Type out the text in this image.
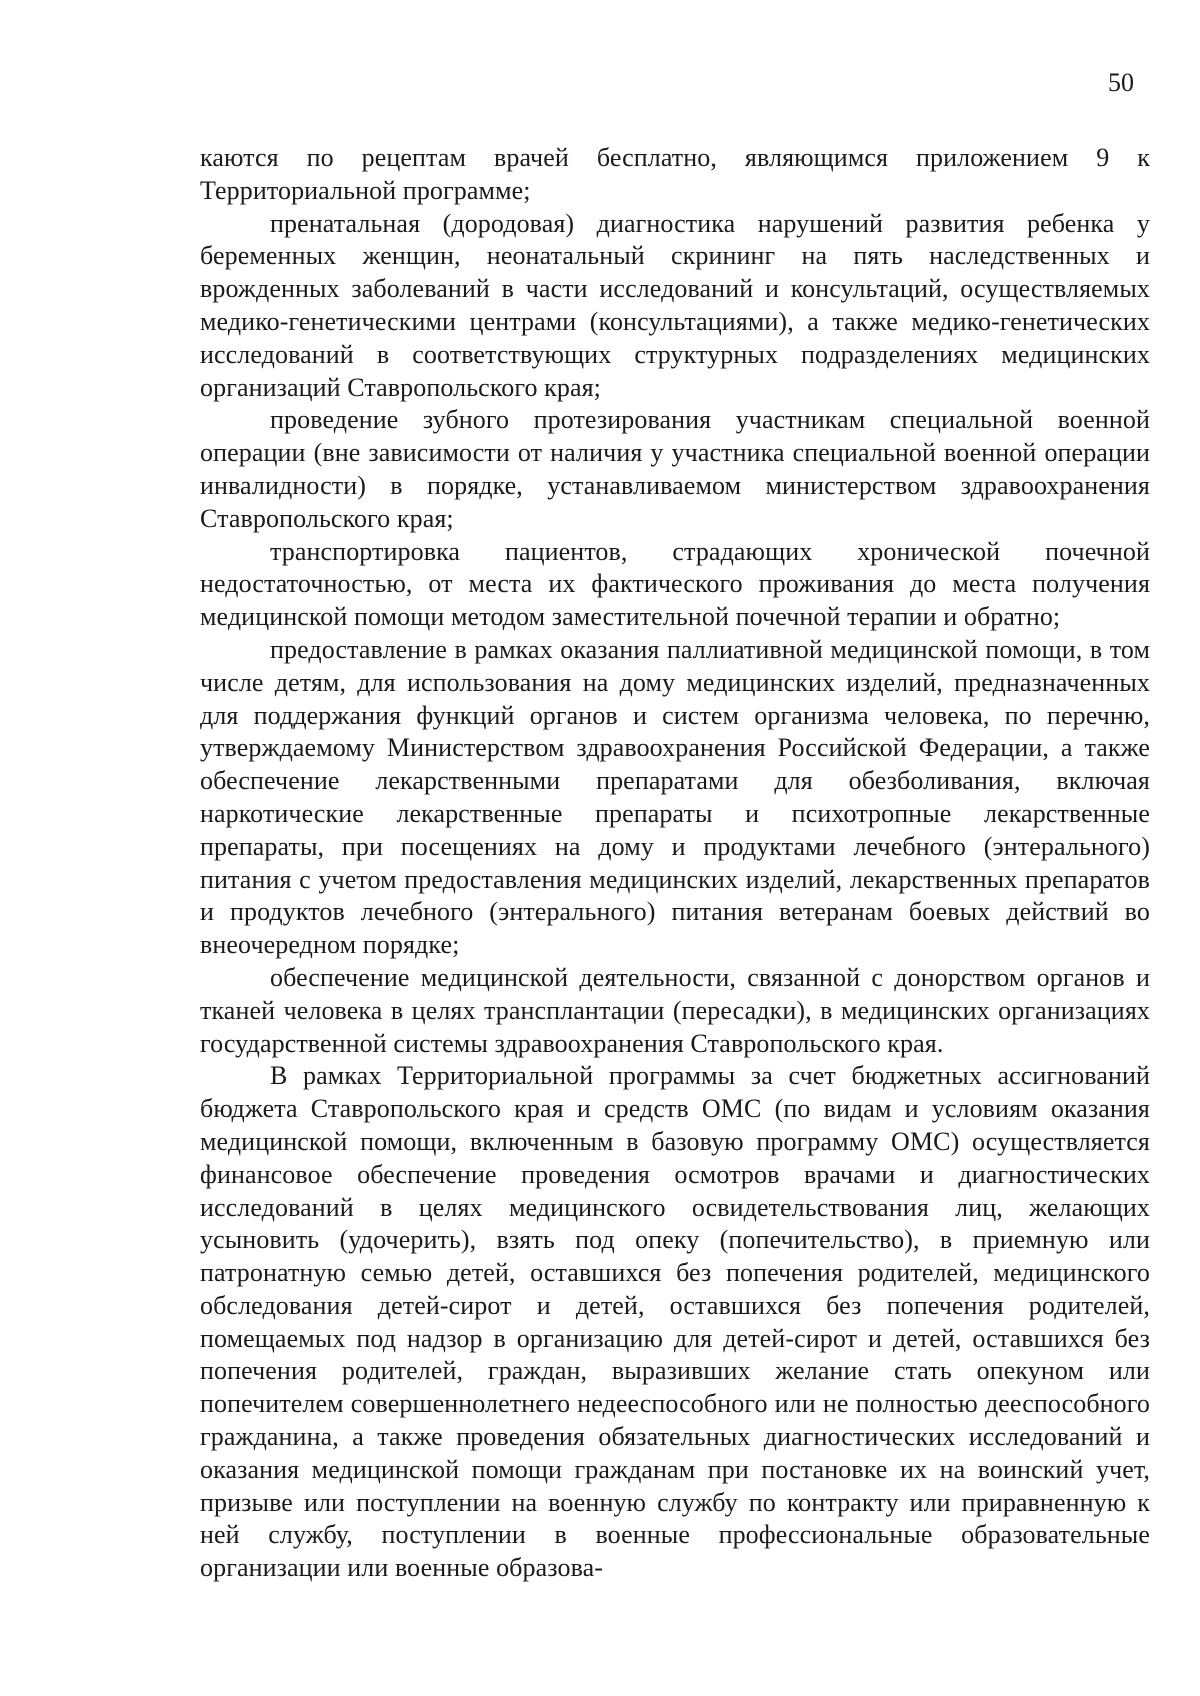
50

каются по рецептам врачей бесплатно, являющимся приложением 9 к Территориальной программе;

пренатальная (дородовая) диагностика нарушений развития ребенка у беременных женщин, неонатальный скрининг на пять наследственных и врожденных заболеваний в части исследований и консультаций, осуществляемых медико-генетическими центрами (консультациями), а также медико-генетических исследований в соответствующих структурных подразделениях медицинских организаций Ставропольского края;

проведение зубного протезирования участникам специальной военной операции (вне зависимости от наличия у участника специальной военной операции инвалидности) в порядке, устанавливаемом министерством здравоохранения Ставропольского края;

транспортировка пациентов, страдающих хронической почечной недостаточностью, от места их фактического проживания до места получения медицинской помощи методом заместительной почечной терапии и обратно;

предоставление в рамках оказания паллиативной медицинской помощи, в том числе детям, для использования на дому медицинских изделий, предназначенных для поддержания функций органов и систем организма человека, по перечню, утверждаемому Министерством здравоохранения Российской Федерации, а также обеспечение лекарственными препаратами для обезболивания, включая наркотические лекарственные препараты и психотропные лекарственные препараты, при посещениях на дому и продуктами лечебного (энтерального) питания с учетом предоставления медицинских изделий, лекарственных препаратов и продуктов лечебного (энтерального) питания ветеранам боевых действий во внеочередном порядке;

обеспечение медицинской деятельности, связанной с донорством органов и тканей человека в целях трансплантации (пересадки), в медицинских организациях государственной системы здравоохранения Ставропольского края.

В рамках Территориальной программы за счет бюджетных ассигнований бюджета Ставропольского края и средств ОМС (по видам и условиям оказания медицинской помощи, включенным в базовую программу ОМС) осуществляется финансовое обеспечение проведения осмотров врачами и диагностических исследований в целях медицинского освидетельствования лиц, желающих усыновить (удочерить), взять под опеку (попечительство), в приемную или патронатную семью детей, оставшихся без попечения родителей, медицинского обследования детей-сирот и детей, оставшихся без попечения родителей, помещаемых под надзор в организацию для детей-сирот и детей, оставшихся без попечения родителей, граждан, выразивших желание стать опекуном или попечителем совершеннолетнего недееспособного или не полностью дееспособного гражданина, а также проведения обязательных диагностических исследований и оказания медицинской помощи гражданам при постановке их на воинский учет, призыве или поступлении на военную службу по контракту или приравненную к ней службу, поступлении в военные профессиональные образовательные организации или военные образова-
